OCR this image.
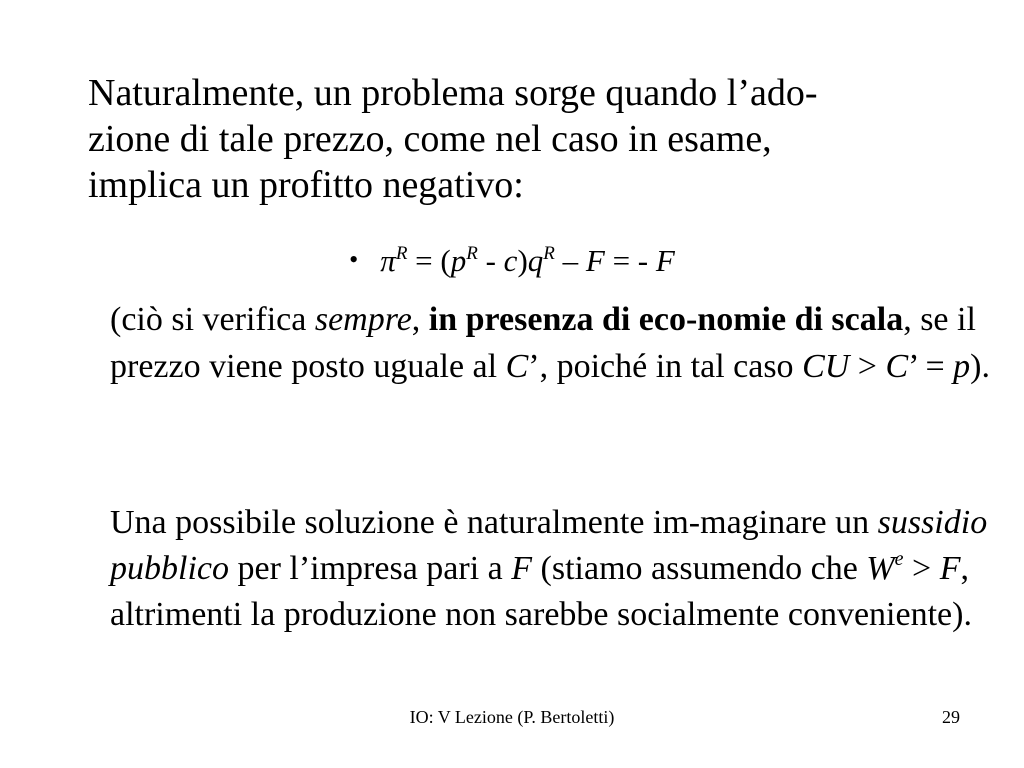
Naturalmente, un problema sorge quando l’ado-
zione di tale prezzo, come nel caso in esame,
implica un profitto negativo:

• $\pi^R = (p^R - c)q^R - F$ = - F

(ciò si verifica sempre, in presenza di eco-nomie di scala, se il prezzo viene posto uguale al C’, poiché in tal caso CU > C’ = p).

Una possibile soluzione è naturalmente im-maginare un sussidio pubblico per l’impresa pari a F (stiamo assumendo che $W^e > F$, altrimenti la produzione non sarebbe socialmente conveniente).

IO: V Lezione (P. Bertoletti)	29
